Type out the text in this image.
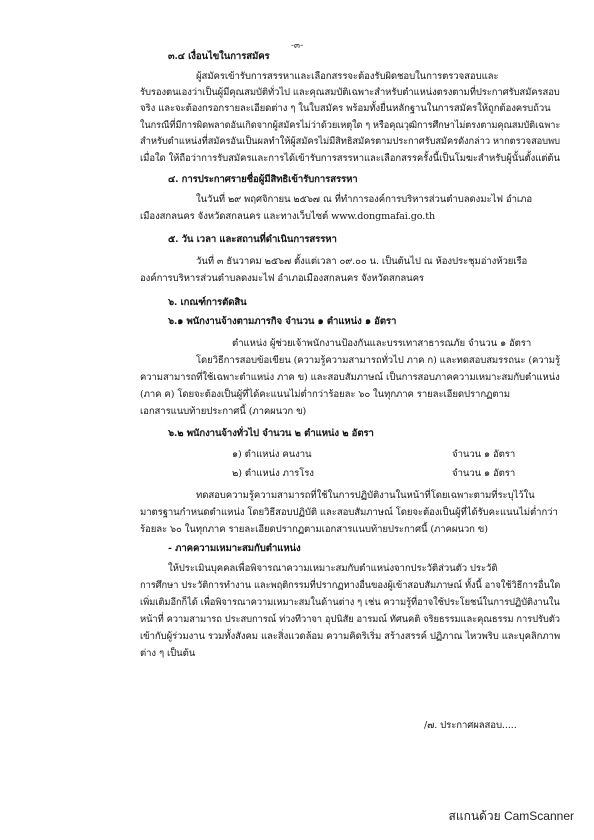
-๓-
๓.๔ เงื่อนไขในการสมัคร
ผู้สมัครเข้ารับการสรรหาและเลือกสรรจะต้องรับผิดชอบในการตรวจสอบและ
รับรองตนเองว่าเป็นผู้มีคุณสมบัติทั่วไป และคุณสมบัติเฉพาะสำหรับตำแหน่งตรงตามที่ประกาศรับสมัครสอบ
จริง และจะต้องกรอกรายละเอียดต่าง ๆ ในใบสมัคร พร้อมทั้งยื่นหลักฐานในการสมัครให้ถูกต้องครบถ้วน
ในกรณีที่มีการผิดพลาดอันเกิดจากผู้สมัครไม่ว่าด้วยเหตุใด ๆ หรือคุณวุฒิการศึกษาไม่ตรงตามคุณสมบัติเฉพาะ
สำหรับตำแหน่งที่สมัครอันเป็นผลทำให้ผู้สมัครไม่มีสิทธิสมัครตามประกาศรับสมัครดังกล่าว หากตรวจสอบพบ
เมื่อใด ให้ถือว่าการรับสมัครและการได้เข้ารับการสรรหาและเลือกสรรครั้งนี้เป็นโมฆะสำหรับผู้นั้นตั้งแต่ต้น
๔. การประกาศรายชื่อผู้มีสิทธิเข้ารับการสรรหา
ในวันที่ ๒๙ พฤศจิกายน ๒๕๖๗ ณ ที่ทำการองค์การบริหารส่วนตำบลดงมะไฟ อำเภอ
เมืองสกลนคร จังหวัดสกลนคร และทางเว็บไซต์ www.dongmafai.go.th
๕. วัน เวลา และสถานที่ดำเนินการสรรหา
วันที่ ๓ ธันวาคม ๒๕๖๗ ตั้งแต่เวลา ๐๙.๐๐ น. เป็นต้นไป ณ ห้องประชุมอ่างห้วยเรือ
องค์การบริหารส่วนตำบลดงมะไฟ อำเภอเมืองสกลนคร จังหวัดสกลนคร
๖. เกณฑ์การตัดสิน
๖.๑ พนักงานจ้างตามภารกิจ จำนวน ๑ ตำแหน่ง ๑ อัตรา
ตำแหน่ง ผู้ช่วยเจ้าพนักงานป้องกันและบรรเทาสาธารณภัย จำนวน ๑ อัตรา
โดยวิธีการสอบข้อเขียน (ความรู้ความสามารถทั่วไป ภาค ก) และทดสอบสมรรถนะ (ความรู้
ความสามารถที่ใช้เฉพาะตำแหน่ง ภาค ข) และสอบสัมภาษณ์ เป็นการสอบภาคความเหมาะสมกับตำแหน่ง
(ภาค ค) โดยจะต้องเป็นผู้ที่ได้คะแนนไม่ต่ำกว่าร้อยละ ๖๐ ในทุกภาค รายละเอียดปรากฏตาม
เอกสารแนบท้ายประกาศนี้ (ภาคผนวก ข)
๖.๒ พนักงานจ้างทั่วไป จำนวน ๒ ตำแหน่ง ๒ อัตรา
๑) ตำแหน่ง คนงาน	จำนวน ๑ อัตรา
๒) ตำแหน่ง ภารโรง	จำนวน ๑ อัตรา
ทดสอบความรู้ความสามารถที่ใช้ในการปฏิบัติงานในหน้าที่โดยเฉพาะตามที่ระบุไว้ใน
มาตรฐานกำหนดตำแหน่ง โดยวิธีสอบปฏิบัติ และสอบสัมภาษณ์ โดยจะต้องเป็นผู้ที่ได้รับคะแนนไม่ต่ำกว่า
ร้อยละ ๖๐ ในทุกภาค รายละเอียดปรากฏตามเอกสารแนบท้ายประกาศนี้ (ภาคผนวก ข)
- ภาคความเหมาะสมกับตำแหน่ง
ให้ประเมินบุคคลเพื่อพิจารณาความเหมาะสมกับตำแหน่งจากประวัติส่วนตัว ประวัติ
การศึกษา ประวัติการทำงาน และพฤติกรรมที่ปรากฏทางอื่นของผู้เข้าสอบสัมภาษณ์ ทั้งนี้ อาจใช้วิธีการอื่นใด
เพิ่มเติมอีกก็ได้ เพื่อพิจารณาความเหมาะสมในด้านต่าง ๆ เช่น ความรู้ที่อาจใช้ประโยชน์ในการปฏิบัติงานใน
หน้าที่ ความสามารถ ประสบการณ์ ท่วงทีวาจา อุปนิสัย อารมณ์ ทัศนคติ จริยธรรมและคุณธรรม การปรับตัว
เข้ากับผู้ร่วมงาน รวมทั้งสังคม และสิ่งแวดล้อม ความคิดริเริ่ม สร้างสรรค์ ปฏิภาณ ไหวพริบ และบุคลิกภาพ
ต่าง ๆ เป็นต้น
/๗. ประกาศผลสอบ.....
สแกนด้วย CamScanner
